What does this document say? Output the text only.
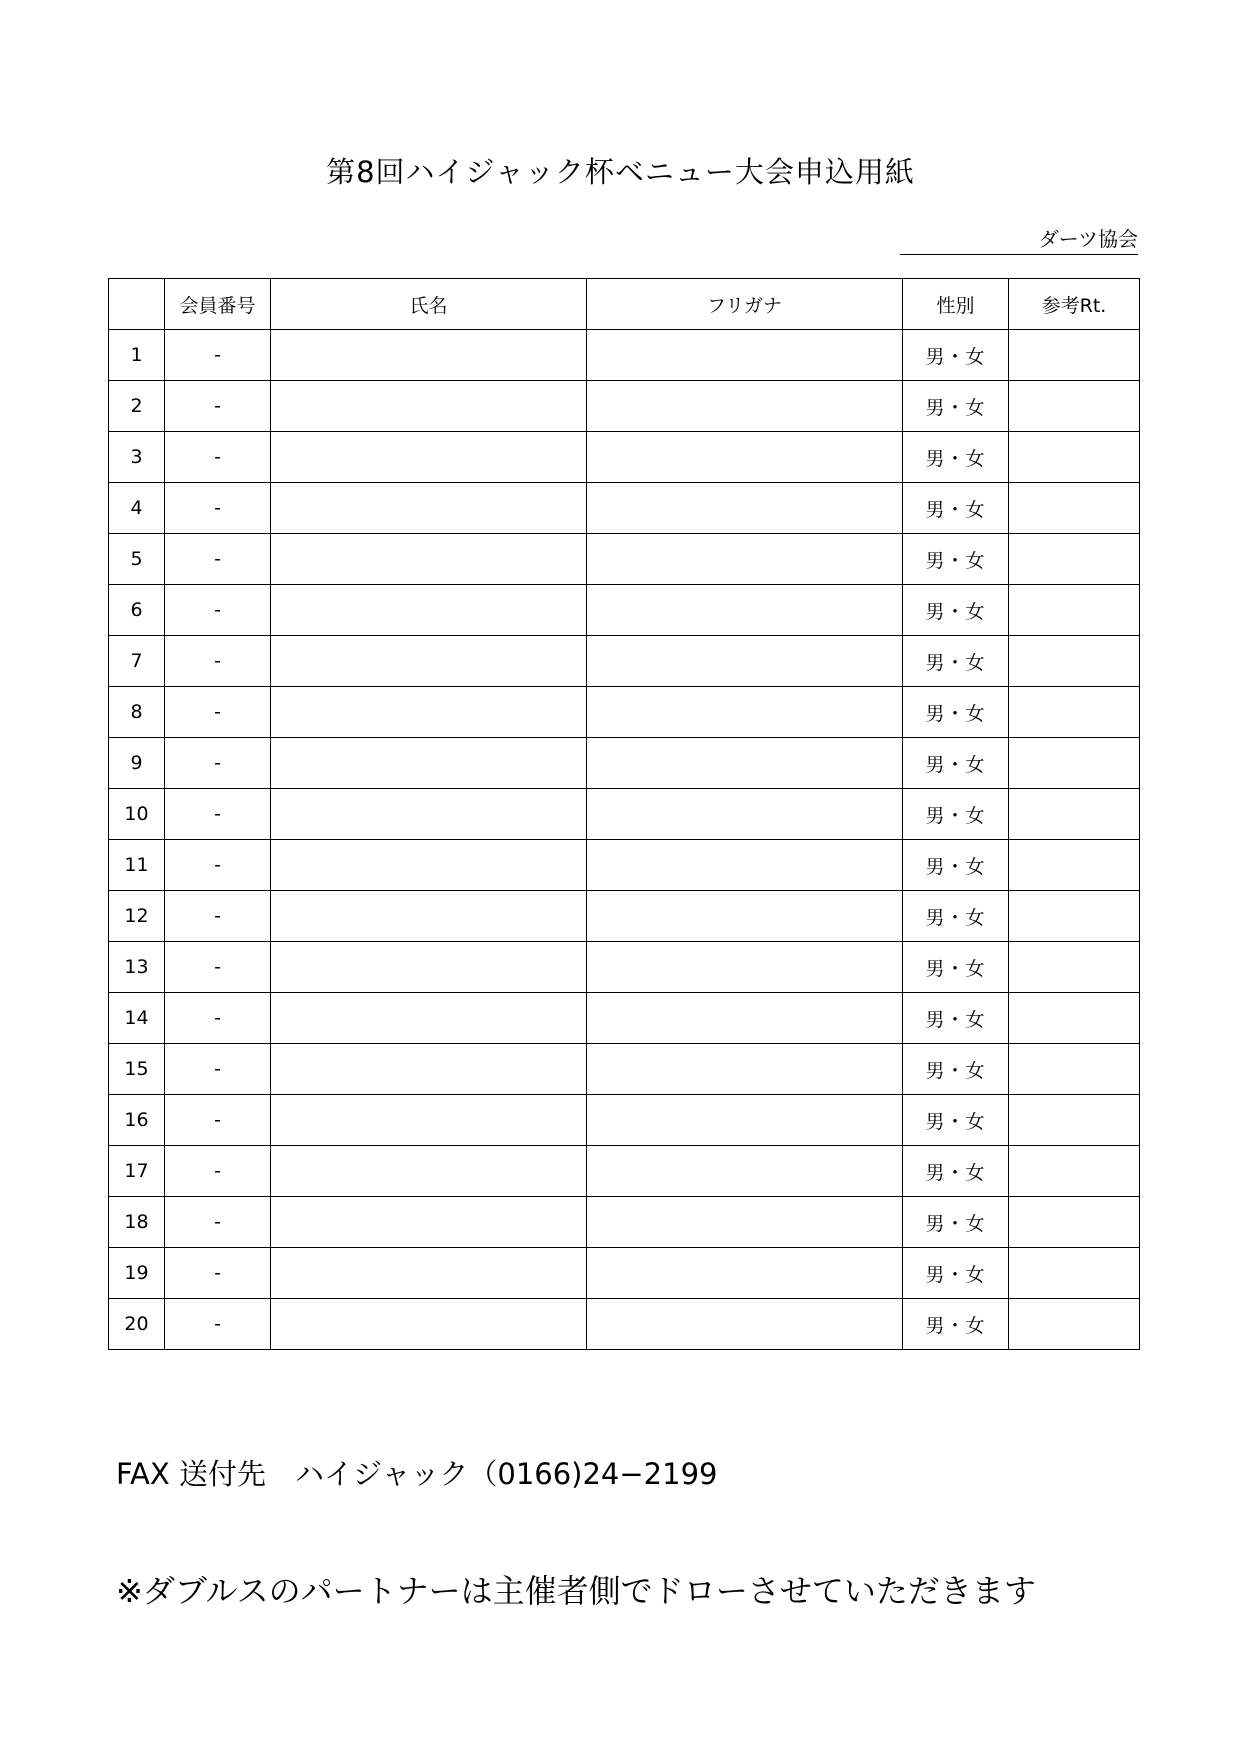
第8回ハイジャック杯ベニュー大会申込用紙
ダーツ協会
	会員番号	氏名	フリガナ	性別	参考Rt.
1	-			男・女	
2	-			男・女	
3	-			男・女	
4	-			男・女	
5	-			男・女	
6	-			男・女	
7	-			男・女	
8	-			男・女	
9	-			男・女	
10	-			男・女	
11	-			男・女	
12	-			男・女	
13	-			男・女	
14	-			男・女	
15	-			男・女	
16	-			男・女	
17	-			男・女	
18	-			男・女	
19	-			男・女	
20	-			男・女	
FAX 送付先　ハイジャック（0166)24−2199
※ダブルスのパートナーは主催者側でドローさせていただきます
